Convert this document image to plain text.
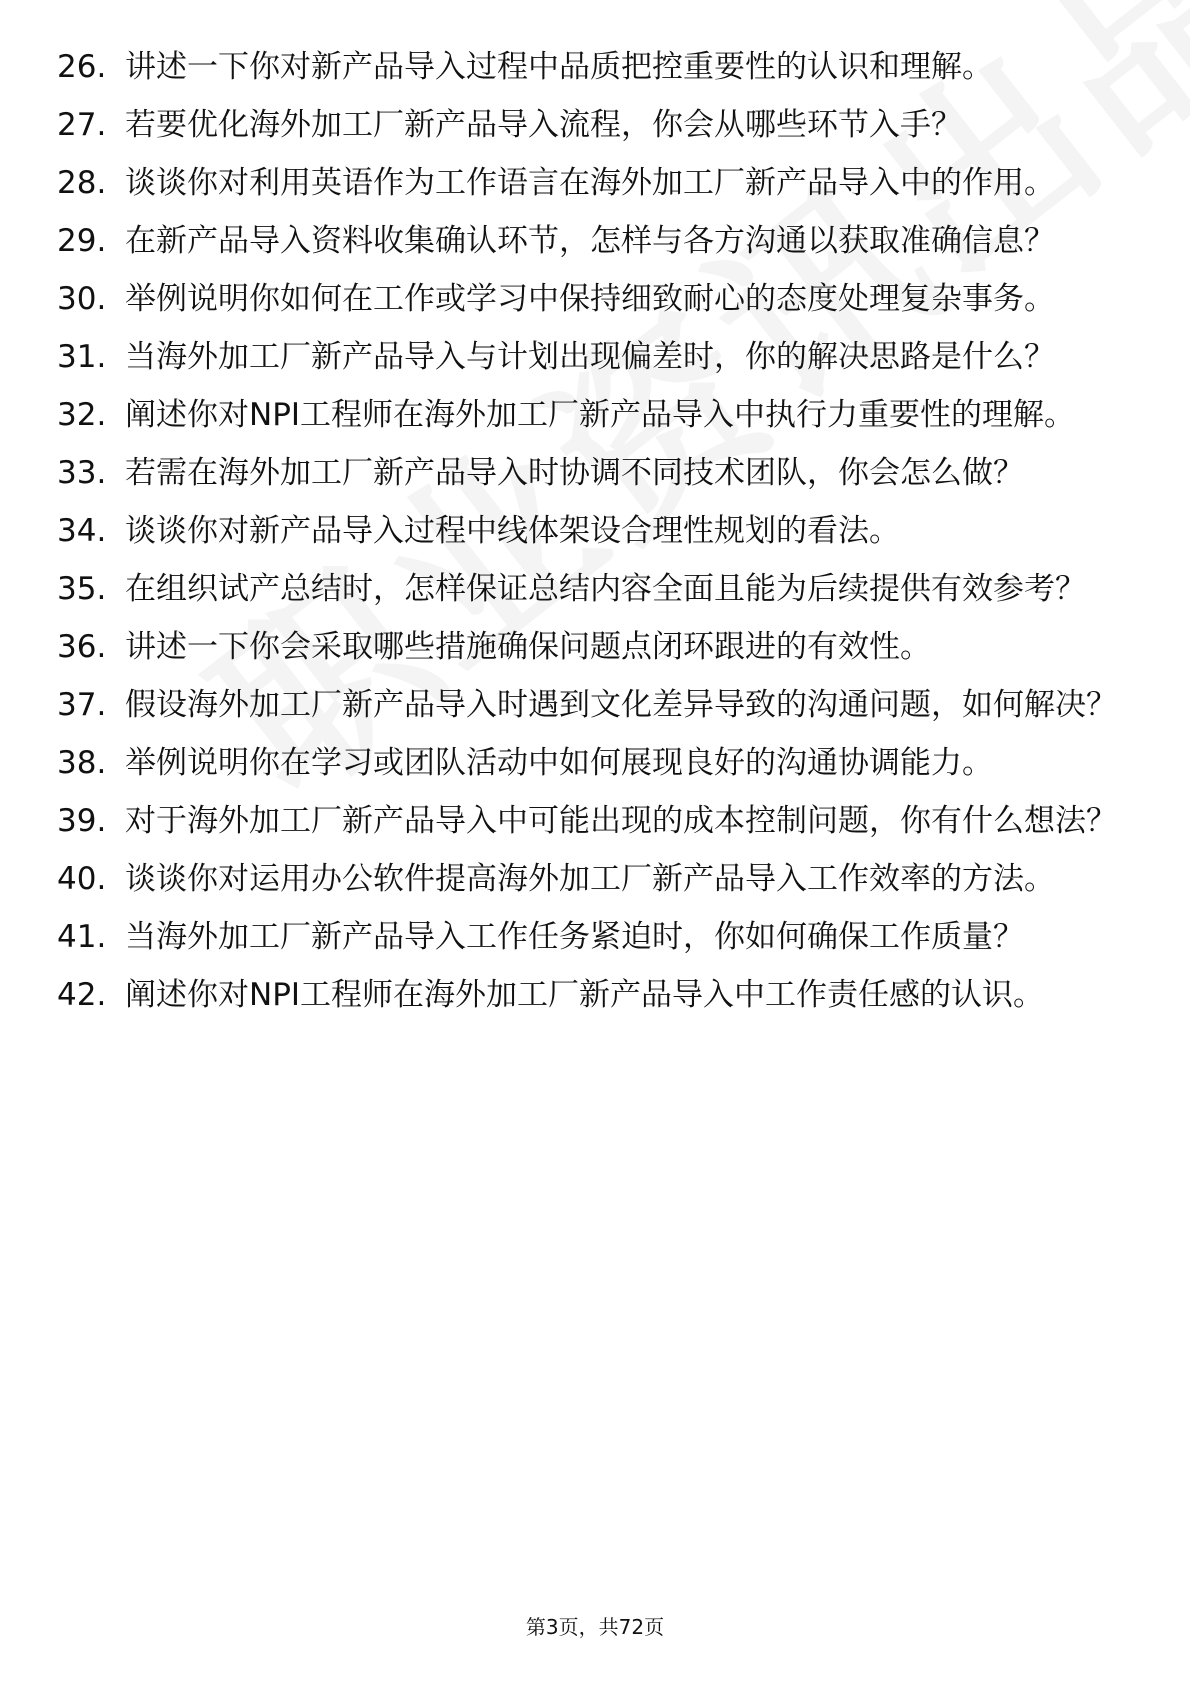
26. 讲述一下你对新产品导入过程中品质把控重要性的认识和理解。
27. 若要优化海外加工厂新产品导入流程，你会从哪些环节入手？
28. 谈谈你对利用英语作为工作语言在海外加工厂新产品导入中的作用。
29. 在新产品导入资料收集确认环节，怎样与各方沟通以获取准确信息？
30. 举例说明你如何在工作或学习中保持细致耐心的态度处理复杂事务。
31. 当海外加工厂新产品导入与计划出现偏差时，你的解决思路是什么？
32. 阐述你对NPI工程师在海外加工厂新产品导入中执行力重要性的理解。
33. 若需在海外加工厂新产品导入时协调不同技术团队，你会怎么做？
34. 谈谈你对新产品导入过程中线体架设合理性规划的看法。
35. 在组织试产总结时，怎样保证总结内容全面且能为后续提供有效参考？
36. 讲述一下你会采取哪些措施确保问题点闭环跟进的有效性。
37. 假设海外加工厂新产品导入时遇到文化差异导致的沟通问题，如何解决？
38. 举例说明你在学习或团队活动中如何展现良好的沟通协调能力。
39. 对于海外加工厂新产品导入中可能出现的成本控制问题，你有什么想法？
40. 谈谈你对运用办公软件提高海外加工厂新产品导入工作效率的方法。
41. 当海外加工厂新产品导入工作任务紧迫时，你如何确保工作质量？
42. 阐述你对NPI工程师在海外加工厂新产品导入中工作责任感的认识。
第3页，共72页
